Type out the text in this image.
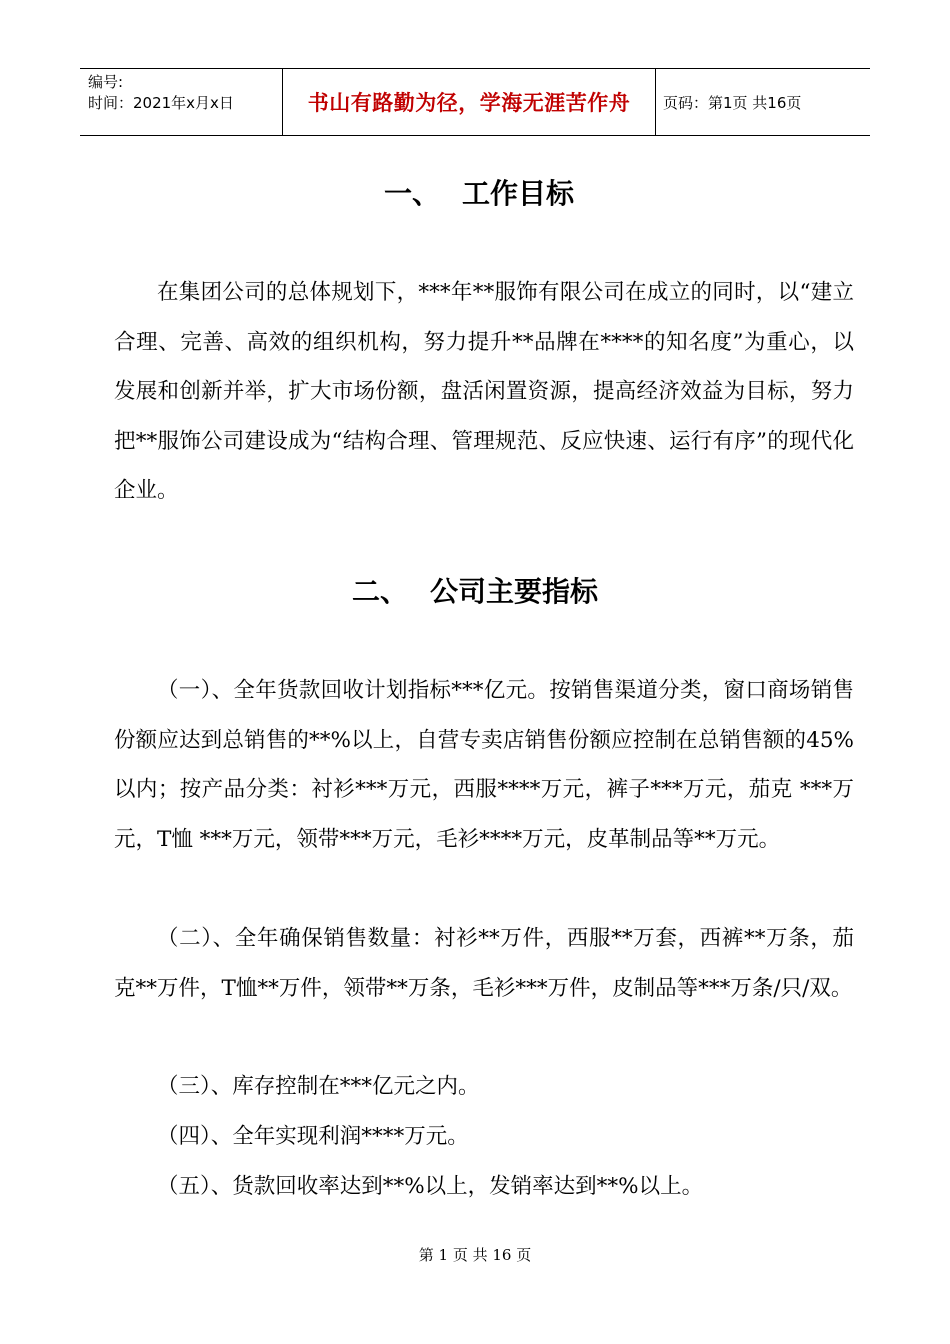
编号:
时间：2021年x月x日	书山有路勤为径，学海无涯苦作舟	页码：第1页 共16页
一、 工作目标

在集团公司的总体规划下，***年**服饰有限公司在成立的同时，以“建立合理、完善、高效的组织机构，努力提升**品牌在****的知名度”为重心，以发展和创新并举，扩大市场份额，盘活闲置资源，提高经济效益为目标，努力把**服饰公司建设成为“结构合理、管理规范、反应快速、运行有序”的现代化企业。

二、 公司主要指标

（一）、全年货款回收计划指标***亿元。按销售渠道分类，窗口商场销售份额应达到总销售的**%以上，自营专卖店销售份额应控制在总销售额的45%以内；按产品分类：衬衫***万元，西服****万元，裤子***万元，茄克 ***万元，T恤 ***万元，领带***万元，毛衫****万元，皮革制品等**万元。

（二）、全年确保销售数量：衬衫**万件，西服**万套，西裤**万条，茄克**万件，T恤**万件，领带**万条，毛衫***万件，皮制品等***万条/只/双。

（三）、库存控制在***亿元之内。

（四）、全年实现利润****万元。

（五）、货款回收率达到**%以上，发销率达到**%以上。

第 1 页 共 16 页
